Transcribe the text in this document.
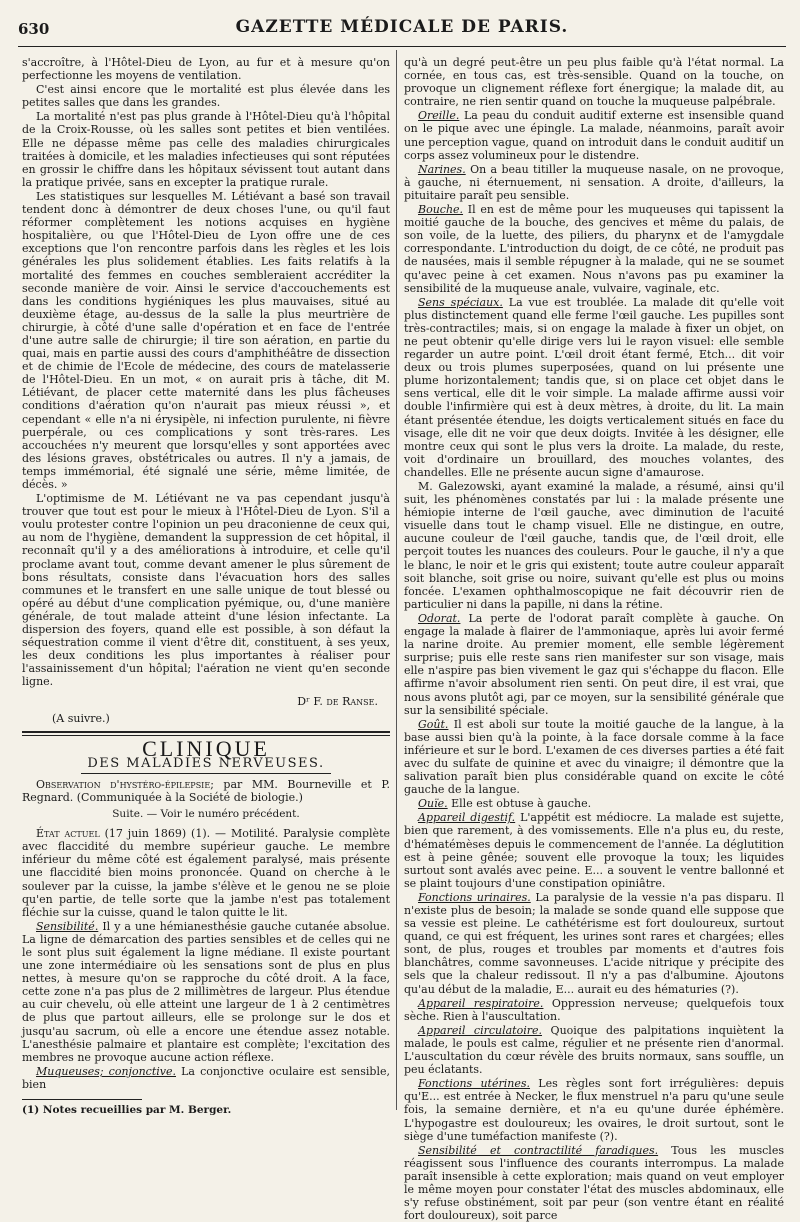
630	GAZETTE MÉDICALE DE PARIS.

s'accroître, à l'Hôtel-Dieu de Lyon, au fur et à mesure qu'on perfectionne les moyens de ventilation.

C'est ainsi encore que le mortalité est plus élevée dans les petites salles que dans les grandes.

La mortalité n'est pas plus grande à l'Hôtel-Dieu qu'à l'hôpital de la Croix-Rousse, où les salles sont petites et bien ventilées. Elle ne dépasse même pas celle des maladies chirurgicales traitées à domicile, et les maladies infectieuses qui sont réputées en grossir le chiffre dans les hôpitaux sévissent tout autant dans la pratique privée, sans en excepter la pratique rurale.

Les statistiques sur lesquelles M. Létiévant a basé son travail tendent donc à démontrer de deux choses l'une, ou qu'il faut réformer complètement les notions acquises en hygiène hospitalière, ou que l'Hôtel-Dieu de Lyon offre une de ces exceptions que l'on rencontre parfois dans les règles et les lois générales les plus solidement établies. Les faits relatifs à la mortalité des femmes en couches sembleraient accréditer la seconde manière de voir. Ainsi le service d'accouchements est dans les conditions hygiéniques les plus mauvaises, situé au deuxième étage, au-dessus de la salle la plus meurtrière de chirurgie, à côté d'une salle d'opération et en face de l'entrée d'une autre salle de chirurgie; il tire son aération, en partie du quai, mais en partie aussi des cours d'amphithéâtre de dissection et de chimie de l'Ecole de médecine, des cours de matelasserie de l'Hôtel-Dieu. En un mot, « on aurait pris à tâche, dit M. Létiévant, de placer cette maternité dans les plus fâcheuses conditions d'aération qu'on n'aurait pas mieux réussi », et cependant « elle n'a ni érysipèle, ni infection purulente, ni fièvre puerpérale, ou ces complications y sont très-rares. Les accouchées n'y meurent que lorsqu'elles y sont apportées avec des lésions graves, obstétricales ou autres. Il n'y a jamais, de temps immémorial, été signalé une série, même limitée, de décès. »

L'optimisme de M. Létiévant ne va pas cependant jusqu'à trouver que tout est pour le mieux à l'Hôtel-Dieu de Lyon. S'il a voulu protester contre l'opinion un peu draconienne de ceux qui, au nom de l'hygiène, demandent la suppression de cet hôpital, il reconnaît qu'il y a des améliorations à introduire, et celle qu'il proclame avant tout, comme devant amener le plus sûrement de bons résultats, consiste dans l'évacuation hors des salles communes et le transfert en une salle unique de tout blessé ou opéré au début d'une complication pyémique, ou, d'une manière générale, de tout malade atteint d'une lésion infectante. La dispersion des foyers, quand elle est possible, à son défaut la séquestration comme il vient d'être dit, constituent, à ses yeux, les deux conditions les plus importantes à réaliser pour l'assainissement d'un hôpital; l'aération ne vient qu'en seconde ligne.

Dʳ F. de Ranse.
(A suivre.)
CLINIQUE
DES MALADIES NERVEUSES.

Observation d'hystéro-épilepsie; par MM. Bourneville et P. Regnard. (Communiquée à la Société de biologie.)

Suite. — Voir le numéro précédent.

État actuel (17 juin 1869) (1). — Motilité. Paralysie complète avec flaccidité du membre supérieur gauche. Le membre inférieur du même côté est également paralysé, mais présente une flaccidité bien moins prononcée. Quand on cherche à le soulever par la cuisse, la jambe s'élève et le genou ne se ploie qu'en partie, de telle sorte que la jambe n'est pas totalement fléchie sur la cuisse, quand le talon quitte le lit.

Sensibilité. Il y a une hémianesthésie gauche cutanée absolue. La ligne de démarcation des parties sensibles et de celles qui ne le sont plus suit également la ligne médiane. Il existe pourtant une zone intermédiaire où les sensations sont de plus en plus nettes, à mesure qu'on se rapproche du côté droit. A la face, cette zone n'a pas plus de 2 millimètres de largeur. Plus étendue au cuir chevelu, où elle atteint une largeur de 1 à 2 centimètres de plus que partout ailleurs, elle se prolonge sur le dos et jusqu'au sacrum, où elle a encore une étendue assez notable. L'anesthésie palmaire et plantaire est complète; l'excitation des membres ne provoque aucune action réflexe.

Muqueuses; conjonctive. La conjonctive oculaire est sensible, bien

(1) Notes recueillies par M. Berger.

qu'à un degré peut-être un peu plus faible qu'à l'état normal. La cornée, en tous cas, est très-sensible. Quand on la touche, on provoque un clignement réflexe fort énergique; la malade dit, au contraire, ne rien sentir quand on touche la muqueuse palpébrale.

Oreille. La peau du conduit auditif externe est insensible quand on le pique avec une épingle. La malade, néanmoins, paraît avoir une perception vague, quand on introduit dans le conduit auditif un corps assez volumineux pour le distendre.

Narines. On a beau titiller la muqueuse nasale, on ne provoque, à gauche, ni éternuement, ni sensation. A droite, d'ailleurs, la pituitaire paraît peu sensible.

Bouche. Il en est de même pour les muqueuses qui tapissent la moitié gauche de la bouche, des gencives et même du palais, de son voile, de la luette, des piliers, du pharynx et de l'amygdale correspondante. L'introduction du doigt, de ce côté, ne produit pas de nausées, mais il semble répugner à la malade, qui ne se soumet qu'avec peine à cet examen. Nous n'avons pas pu examiner la sensibilité de la muqueuse anale, vulvaire, vaginale, etc.

Sens spéciaux. La vue est troublée. La malade dit qu'elle voit plus distinctement quand elle ferme l'œil gauche. Les pupilles sont très-contractiles; mais, si on engage la malade à fixer un objet, on ne peut obtenir qu'elle dirige vers lui le rayon visuel: elle semble regarder un autre point. L'œil droit étant fermé, Etch... dit voir deux ou trois plumes superposées, quand on lui présente une plume horizontalement; tandis que, si on place cet objet dans le sens vertical, elle dit le voir simple. La malade affirme aussi voir double l'infirmière qui est à deux mètres, à droite, du lit. La main étant présentée étendue, les doigts verticalement situés en face du visage, elle dit ne voir que deux doigts. Invitée à les désigner, elle montre ceux qui sont le plus vers la droite. La malade, du reste, voit d'ordinaire un brouillard, des mouches volantes, des chandelles. Elle ne présente aucun signe d'amaurose.

M. Galezowski, ayant examiné la malade, a résumé, ainsi qu'il suit, les phénomènes constatés par lui : la malade présente une hémiopie interne de l'œil gauche, avec diminution de l'acuité visuelle dans tout le champ visuel. Elle ne distingue, en outre, aucune couleur de l'œil gauche, tandis que, de l'œil droit, elle perçoit toutes les nuances des couleurs. Pour le gauche, il n'y a que le blanc, le noir et le gris qui existent; toute autre couleur apparaît soit blanche, soit grise ou noire, suivant qu'elle est plus ou moins foncée. L'examen ophthalmoscopique ne fait découvrir rien de particulier ni dans la papille, ni dans la rétine.

Odorat. La perte de l'odorat paraît complète à gauche. On engage la malade à flairer de l'ammoniaque, après lui avoir fermé la narine droite. Au premier moment, elle semble légèrement surprise; puis elle reste sans rien manifester sur son visage, mais elle n'aspire pas bien vivement le gaz qui s'échappe du flacon. Elle affirme n'avoir absolument rien senti. On peut dire, il est vrai, que nous avons plutôt agi, par ce moyen, sur la sensibilité générale que sur la sensibilité spéciale.

Goût. Il est aboli sur toute la moitié gauche de la langue, à la base aussi bien qu'à la pointe, à la face dorsale comme à la face inférieure et sur le bord. L'examen de ces diverses parties a été fait avec du sulfate de quinine et avec du vinaigre; il démontre que la salivation paraît bien plus considérable quand on excite le côté gauche de la langue.

Ouïe. Elle est obtuse à gauche.

Appareil digestif. L'appétit est médiocre. La malade est sujette, bien que rarement, à des vomissements. Elle n'a plus eu, du reste, d'hématémèses depuis le commencement de l'année. La déglutition est à peine gênée; souvent elle provoque la toux; les liquides surtout sont avalés avec peine. E... a souvent le ventre ballonné et se plaint toujours d'une constipation opiniâtre.

Fonctions urinaires. La paralysie de la vessie n'a pas disparu. Il n'existe plus de besoin; la malade se sonde quand elle suppose que sa vessie est pleine. Le cathétérisme est fort douloureux, surtout quand, ce qui est fréquent, les urines sont rares et chargées; elles sont, de plus, rouges et troubles par moments et d'autres fois blanchâtres, comme savonneuses. L'acide nitrique y précipite des sels que la chaleur redissout. Il n'y a pas d'albumine. Ajoutons qu'au début de la maladie, E... aurait eu des hématuries (?).

Appareil respiratoire. Oppression nerveuse; quelquefois toux sèche. Rien à l'auscultation.

Appareil circulatoire. Quoique des palpitations inquiètent la malade, le pouls est calme, régulier et ne présente rien d'anormal. L'auscultation du cœur révèle des bruits normaux, sans souffle, un peu éclatants.

Fonctions utérines. Les règles sont fort irrégulières: depuis qu'E... est entrée à Necker, le flux menstruel n'a paru qu'une seule fois, la semaine dernière, et n'a eu qu'une durée éphémère. L'hypogastre est douloureux; les ovaires, le droit surtout, sont le siège d'une tuméfaction manifeste (?).

Sensibilité et contractilité faradiques. Tous les muscles réagissent sous l'influence des courants interrompus. La malade paraît insensible à cette exploration; mais quand on veut employer le même moyen pour constater l'état des muscles abdominaux, elle s'y refuse obstinément, soit par peur (son ventre étant en réalité fort douloureux), soit parce
